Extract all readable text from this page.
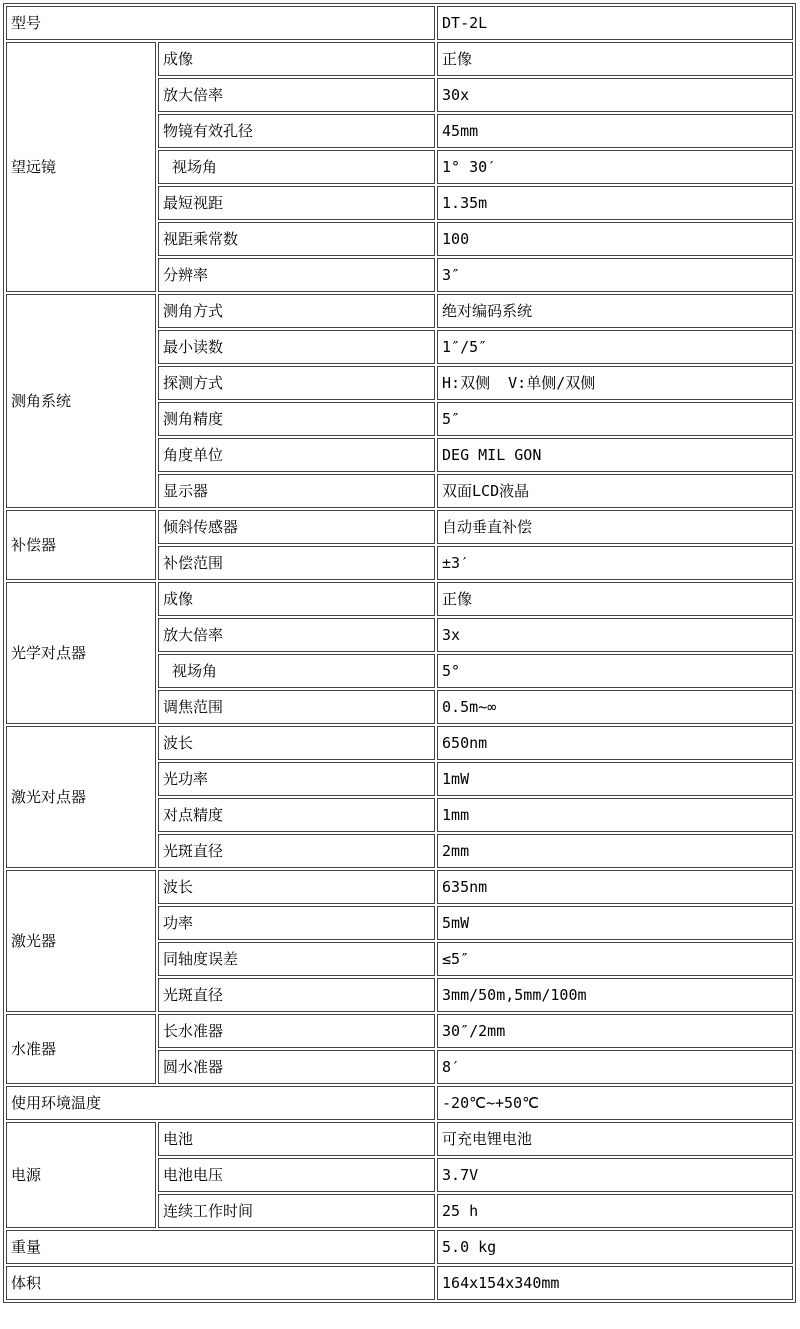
型号		DT-2L
望远镜	成像	正像
	放大倍率	30x
	物镜有效孔径	45mm
	视场角	1° 30′
	最短视距	1.35m
	视距乘常数	100
	分辨率	3″
测角系统	测角方式	绝对编码系统
	最小读数	1″/5″
	探测方式	H:双侧  V:单侧/双侧
	测角精度	5″
	角度单位	DEG MIL GON
	显示器	双面LCD液晶
补偿器	倾斜传感器	自动垂直补偿
	补偿范围	±3′
光学对点器	成像	正像
	放大倍率	3x
	视场角	5°
	调焦范围	0.5m~∞
激光对点器	波长	650nm
	光功率	1mW
	对点精度	1mm
	光斑直径	2mm
激光器	波长	635nm
	功率	5mW
	同轴度误差	≤5″
	光斑直径	3mm/50m,5mm/100m
水准器	长水准器	30″/2mm
	圆水准器	8′
使用环境温度		-20℃~+50℃
电源	电池	可充电锂电池
	电池电压	3.7V
	连续工作时间	25 h
重量		5.0 kg
体积		164x154x340mm
